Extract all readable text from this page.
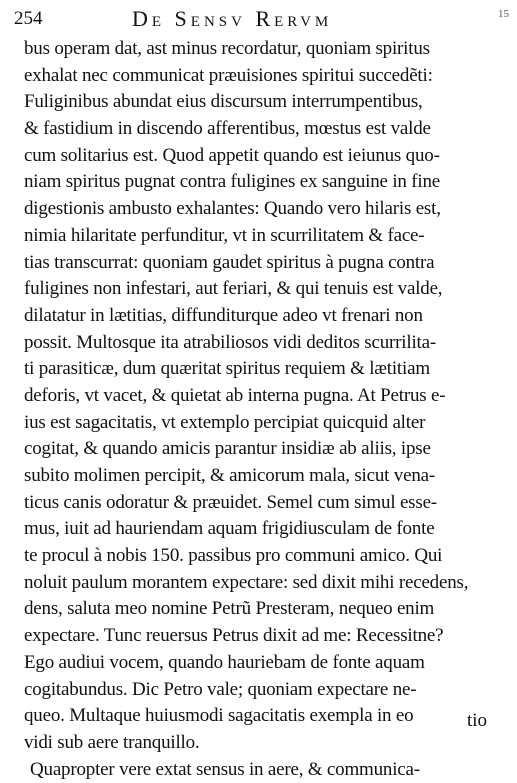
254	De Sensv Rervm	15
bus operam dat, ast minus recordatur, quoniam spiritus
exhalat nec communicat præuisiones spiritui succedẽti:
Fuliginibus abundat eius discursum interrumpentibus,
& fastidium in discendo afferentibus, mœstus est valde
cum solitarius est. Quod appetit quando est ieiunus quo-
niam spiritus pugnat contra fuligines ex sanguine in fine
digestionis ambusto exhalantes: Quando vero hilaris est,
nimia hilaritate perfunditur, vt in scurrilitatem & face-
tias transcurrat: quoniam gaudet spiritus à pugna contra
fuligines non infestari, aut feriari, & qui tenuis est valde,
dilatatur in lætitias, diffunditurque adeo vt frenari non
possit. Multosque ita atrabiliosos vidi deditos scurrilita-
ti parasiticæ, dum quæritat spiritus requiem & lætitiam
deforis, vt vacet, & quietat ab interna pugna. At Petrus e-
ius est sagacitatis, vt extemplo percipiat quicquid alter
cogitat, & quando amicis parantur insidiæ ab aliis, ipse
subito molimen percipit, & amicorum mala, sicut vena-
ticus canis odoratur & præuidet. Semel cum simul esse-
mus, iuit ad hauriendam aquam frigidiusculam de fonte
te procul à nobis 150. passibus pro communi amico. Qui
noluit paulum morantem expectare: sed dixit mihi recedens,
dens, saluta meo nomine Petrũ Presteram, nequeo enim
expectare. Tunc reuersus Petrus dixit ad me: Recessitne?
Ego audiui vocem, quando hauriebam de fonte aquam
cogitabundus. Dic Petro vale; quoniam expectare ne-
queo. Multaque huiusmodi sagacitatis exempla in eo
vidi sub aere tranquillo.
Quapropter vere extat sensus in aere, & communica-
tio
